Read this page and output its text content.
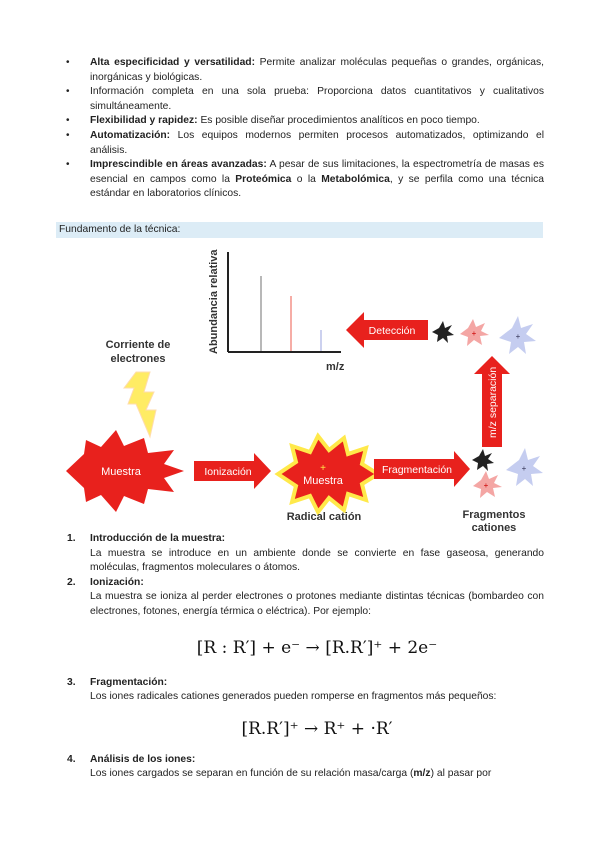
• Alta especificidad y versatilidad: Permite analizar moléculas pequeñas o grandes, orgánicas, inorgánicas y biológicas.
• Información completa en una sola prueba: Proporciona datos cuantitativos y cualitativos simultáneamente.
• Flexibilidad y rapidez: Es posible diseñar procedimientos analíticos en poco tiempo.
• Automatización: Los equipos modernos permiten procesos automatizados, optimizando el análisis.
• Imprescindible en áreas avanzadas: A pesar de sus limitaciones, la espectrometría de masas es esencial en campos como la Proteómica o la Metabolómica, y se perfila como una técnica estándar en laboratorios clínicos.
Fundamento de la técnica:
Abundancia relativa
m/z
Corriente de
electrones
Muestra	Ionización	+
Muestra
Radical catión
Fragmentación
+
+
Fragmentos
cationes
m/z separación
+	+
Detección
1. Introducción de la muestra:
La muestra se introduce en un ambiente donde se convierte en fase gaseosa, generando moléculas, fragmentos moleculares o átomos.
2. Ionización:
La muestra se ioniza al perder electrones o protones mediante distintas técnicas (bombardeo con electrones, fotones, energía térmica o eléctrica). Por ejemplo:
[R : R′] + e⁻ → [R.R′]⁺ + 2e⁻
3. Fragmentación:
Los iones radicales cationes generados pueden romperse en fragmentos más pequeños:
[R.R′]⁺ → R⁺ + ·R′
4. Análisis de los iones:
Los iones cargados se separan en función de su relación masa/carga (m/z) al pasar por
